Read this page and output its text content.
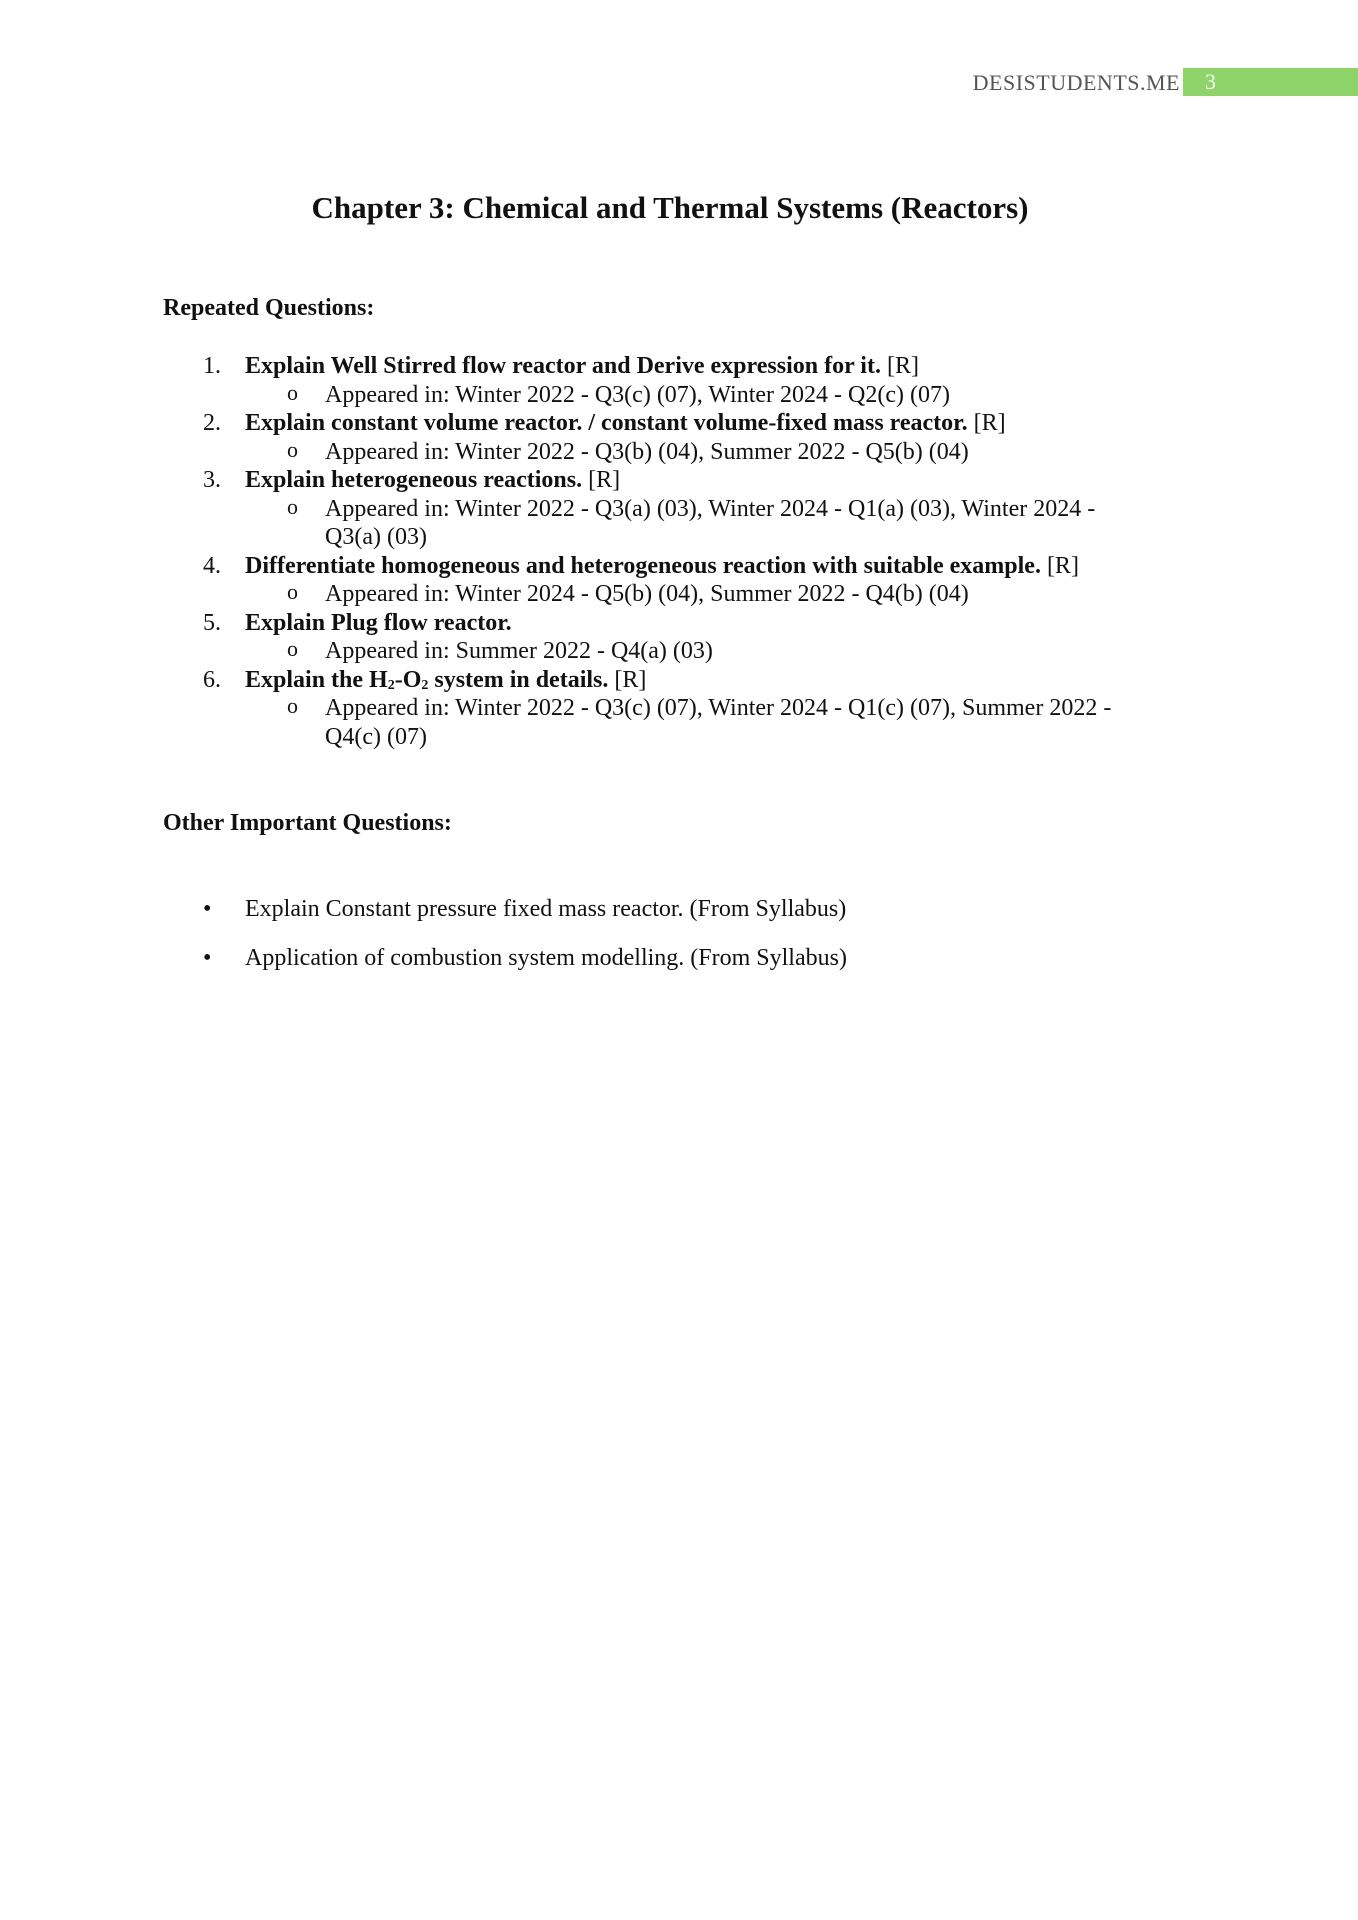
DESISTUDENTS.ME	3
Chapter 3: Chemical and Thermal Systems (Reactors)
Repeated Questions:
1. Explain Well Stirred flow reactor and Derive expression for it. [R]
o Appeared in: Winter 2022 - Q3(c) (07), Winter 2024 - Q2(c) (07)
2. Explain constant volume reactor. / constant volume-fixed mass reactor. [R]
o Appeared in: Winter 2022 - Q3(b) (04), Summer 2022 - Q5(b) (04)
3. Explain heterogeneous reactions. [R]
o Appeared in: Winter 2022 - Q3(a) (03), Winter 2024 - Q1(a) (03), Winter 2024 - Q3(a) (03)
4. Differentiate homogeneous and heterogeneous reaction with suitable example. [R]
o Appeared in: Winter 2024 - Q5(b) (04), Summer 2022 - Q4(b) (04)
5. Explain Plug flow reactor.
o Appeared in: Summer 2022 - Q4(a) (03)
6. Explain the $H_2-O_2$ system in details. [R]
o Appeared in: Winter 2022 - Q3(c) (07), Winter 2024 - Q1(c) (07), Summer 2022 - Q4(c) (07)
Other Important Questions:
• Explain Constant pressure fixed mass reactor. (From Syllabus)
• Application of combustion system modelling. (From Syllabus)
